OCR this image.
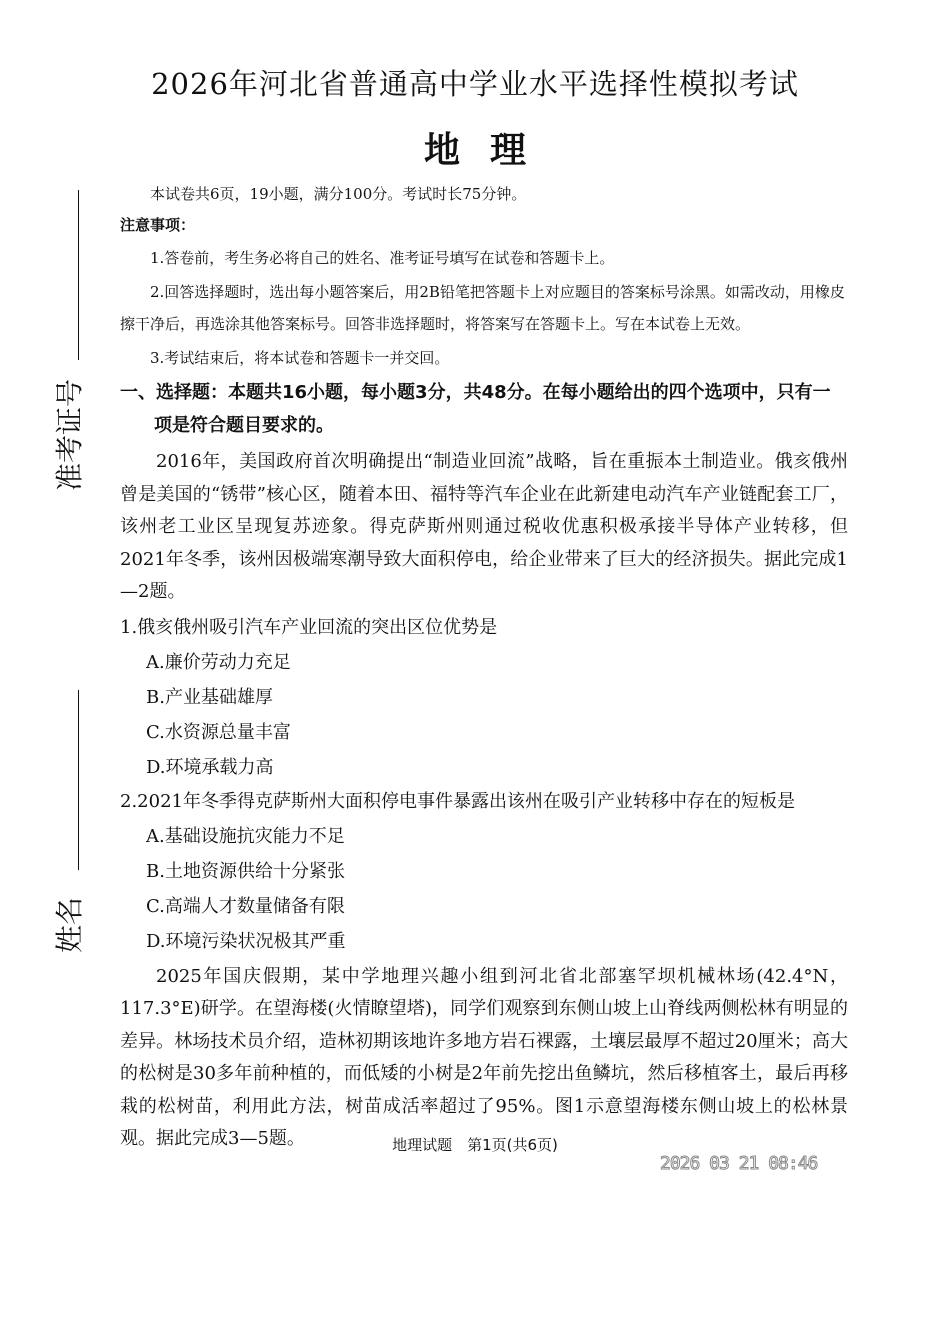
准考证号
姓名
2026年河北省普通高中学业水平选择性模拟考试
地理
本试卷共6页，19小题，满分100分。考试时长75分钟。
注意事项：

1.答卷前，考生务必将自己的姓名、准考证号填写在试卷和答题卡上。

2.回答选择题时，选出每小题答案后，用2B铅笔把答题卡上对应题目的答案标号涂黑。如需改动，用橡皮擦干净后，再选涂其他答案标号。回答非选择题时，将答案写在答题卡上。写在本试卷上无效。

3.考试结束后，将本试卷和答题卡一并交回。

一、选择题：本题共16小题，每小题3分，共48分。在每小题给出的四个选项中，只有一项是符合题目要求的。

2016年，美国政府首次明确提出“制造业回流”战略，旨在重振本土制造业。俄亥俄州曾是美国的“锈带”核心区，随着本田、福特等汽车企业在此新建电动汽车产业链配套工厂，该州老工业区呈现复苏迹象。得克萨斯州则通过税收优惠积极承接半导体产业转移，但2021年冬季，该州因极端寒潮导致大面积停电，给企业带来了巨大的经济损失。据此完成1—2题。

1.俄亥俄州吸引汽车产业回流的突出区位优势是
A.廉价劳动力充足
B.产业基础雄厚
C.水资源总量丰富
D.环境承载力高
2.2021年冬季得克萨斯州大面积停电事件暴露出该州在吸引产业转移中存在的短板是
A.基础设施抗灾能力不足
B.土地资源供给十分紧张
C.高端人才数量储备有限
D.环境污染状况极其严重

2025年国庆假期，某中学地理兴趣小组到河北省北部塞罕坝机械林场(42.4°N，117.3°E)研学。在望海楼(火情瞭望塔)，同学们观察到东侧山坡上山脊线两侧松林有明显的差异。林场技术员介绍，造林初期该地许多地方岩石裸露，土壤层最厚不超过20厘米；高大的松树是30多年前种植的，而低矮的小树是2年前先挖出鱼鳞坑，然后移植客土，最后再移栽的松树苗，利用此方法，树苗成活率超过了95%。图1示意望海楼东侧山坡上的松林景观。据此完成3—5题。	地理试题　第1页(共6页)
2026 03 21 08:46
